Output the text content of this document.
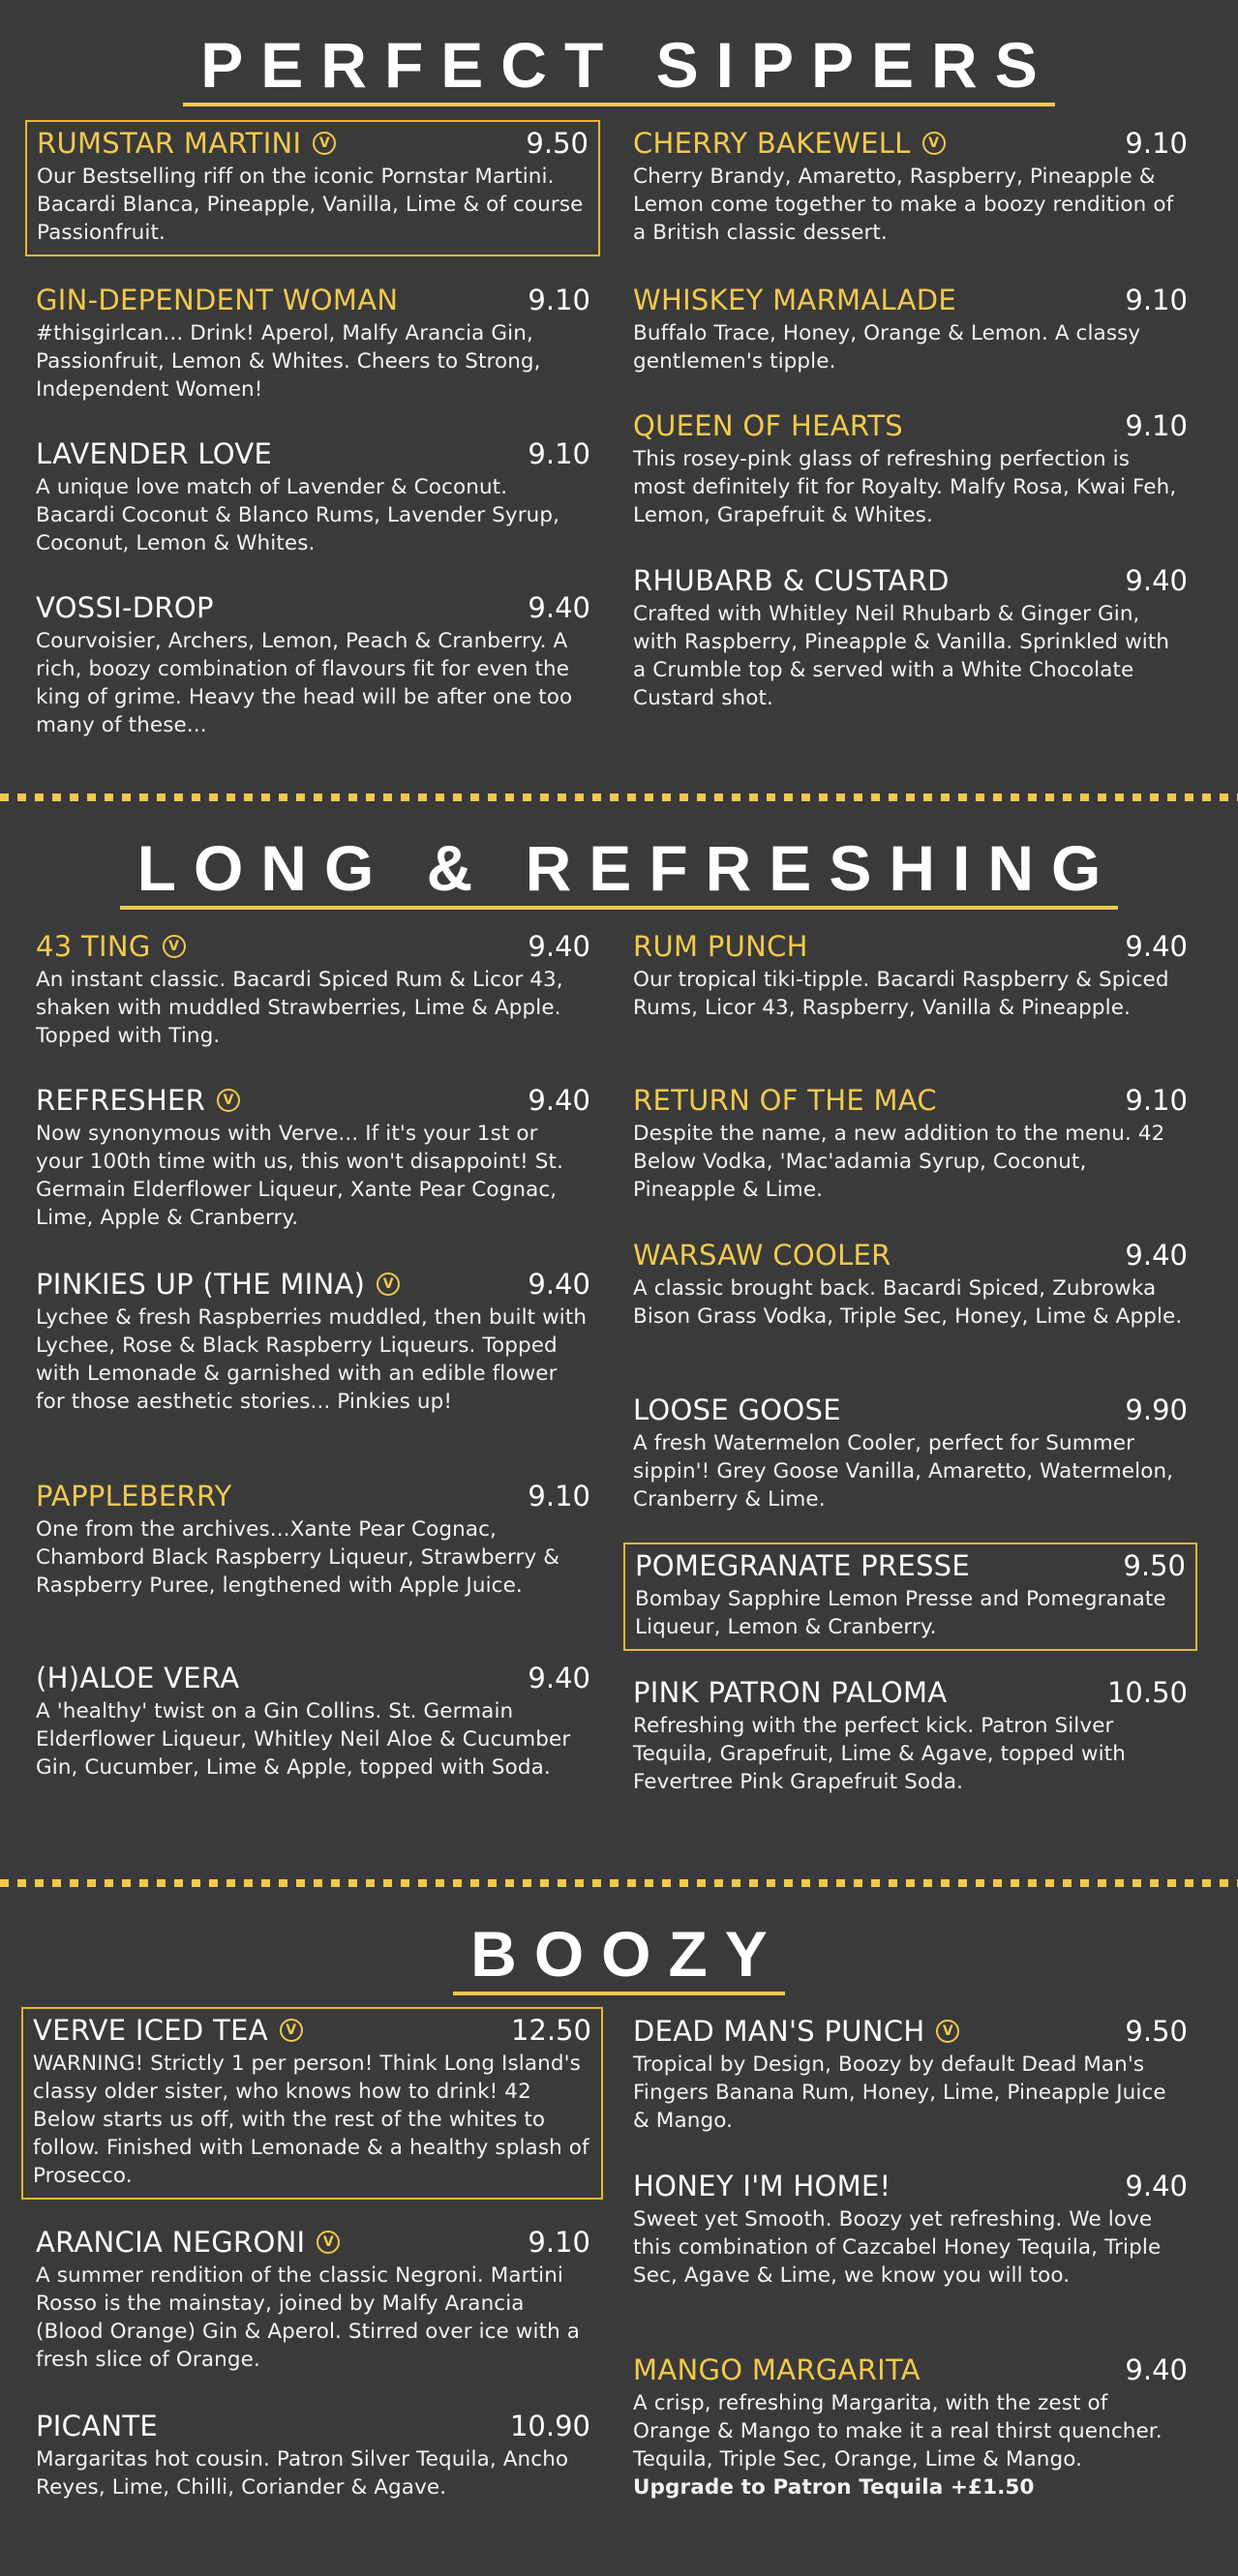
PERFECT SIPPERS
RUMSTAR MARTINI	V	9.50
Our Bestselling riff on the iconic Pornstar Martini. Bacardi Blanca, Pineapple, Vanilla, Lime & of course Passionfruit.
GIN-DEPENDENT WOMAN	9.10
#thisgirlcan... Drink! Aperol, Malfy Arancia Gin, Passionfruit, Lemon & Whites. Cheers to Strong, Independent Women!
LAVENDER LOVE	9.10
A unique love match of Lavender & Coconut. Bacardi Coconut & Blanco Rums, Lavender Syrup, Coconut, Lemon & Whites.
VOSSI-DROP	9.40
Courvoisier, Archers, Lemon, Peach & Cranberry. A rich, boozy combination of flavours fit for even the king of grime. Heavy the head will be after one too many of these...
CHERRY BAKEWELL	V	9.10
Cherry Brandy, Amaretto, Raspberry, Pineapple & Lemon come together to make a boozy rendition of a British classic dessert.
WHISKEY MARMALADE	9.10
Buffalo Trace, Honey, Orange & Lemon. A classy gentlemen's tipple.
QUEEN OF HEARTS	9.10
This rosey-pink glass of refreshing perfection is most definitely fit for Royalty. Malfy Rosa, Kwai Feh, Lemon, Grapefruit & Whites.
RHUBARB & CUSTARD	9.40
Crafted with Whitley Neil Rhubarb & Ginger Gin, with Raspberry, Pineapple & Vanilla. Sprinkled with a Crumble top & served with a White Chocolate Custard shot.
LONG & REFRESHING
43 TING	V	9.40
An instant classic. Bacardi Spiced Rum & Licor 43, shaken with muddled Strawberries, Lime & Apple. Topped with Ting.
REFRESHER	V	9.40
Now synonymous with Verve... If it's your 1st or your 100th time with us, this won't disappoint! St. Germain Elderflower Liqueur, Xante Pear Cognac, Lime, Apple & Cranberry.
PINKIES UP (THE MINA)	V	9.40
Lychee & fresh Raspberries muddled, then built with Lychee, Rose & Black Raspberry Liqueurs. Topped with Lemonade & garnished with an edible flower for those aesthetic stories... Pinkies up!
PAPPLEBERRY	9.10
One from the archives...Xante Pear Cognac, Chambord Black Raspberry Liqueur, Strawberry & Raspberry Puree, lengthened with Apple Juice.
(H)ALOE VERA	9.40
A 'healthy' twist on a Gin Collins. St. Germain Elderflower Liqueur, Whitley Neil Aloe & Cucumber Gin, Cucumber, Lime & Apple, topped with Soda.
RUM PUNCH	9.40
Our tropical tiki-tipple. Bacardi Raspberry & Spiced Rums, Licor 43, Raspberry, Vanilla & Pineapple.
RETURN OF THE MAC	9.10
Despite the name, a new addition to the menu. 42 Below Vodka, 'Mac'adamia Syrup, Coconut, Pineapple & Lime.
WARSAW COOLER	9.40
A classic brought back. Bacardi Spiced, Zubrowka Bison Grass Vodka, Triple Sec, Honey, Lime & Apple.
LOOSE GOOSE	9.90
A fresh Watermelon Cooler, perfect for Summer sippin'! Grey Goose Vanilla, Amaretto, Watermelon, Cranberry & Lime.
POMEGRANATE PRESSE	9.50
Bombay Sapphire Lemon Presse and Pomegranate Liqueur, Lemon & Cranberry.
PINK PATRON PALOMA	10.50
Refreshing with the perfect kick. Patron Silver Tequila, Grapefruit, Lime & Agave, topped with Fevertree Pink Grapefruit Soda.
BOOZY
VERVE ICED TEA	V	12.50
WARNING! Strictly 1 per person! Think Long Island's classy older sister, who knows how to drink! 42 Below starts us off, with the rest of the whites to follow. Finished with Lemonade & a healthy splash of Prosecco.
ARANCIA NEGRONI	V	9.10
A summer rendition of the classic Negroni. Martini Rosso is the mainstay, joined by Malfy Arancia (Blood Orange) Gin & Aperol. Stirred over ice with a fresh slice of Orange.
PICANTE	10.90
Margaritas hot cousin. Patron Silver Tequila, Ancho Reyes, Lime, Chilli, Coriander & Agave.
DEAD MAN'S PUNCH	V	9.50
Tropical by Design, Boozy by default Dead Man's Fingers Banana Rum, Honey, Lime, Pineapple Juice & Mango.
HONEY I'M HOME!	9.40
Sweet yet Smooth. Boozy yet refreshing. We love this combination of Cazcabel Honey Tequila, Triple Sec, Agave & Lime, we know you will too.
MANGO MARGARITA	9.40
A crisp, refreshing Margarita, with the zest of Orange & Mango to make it a real thirst quencher. Tequila, Triple Sec, Orange, Lime & Mango.
Upgrade to Patron Tequila +£1.50
